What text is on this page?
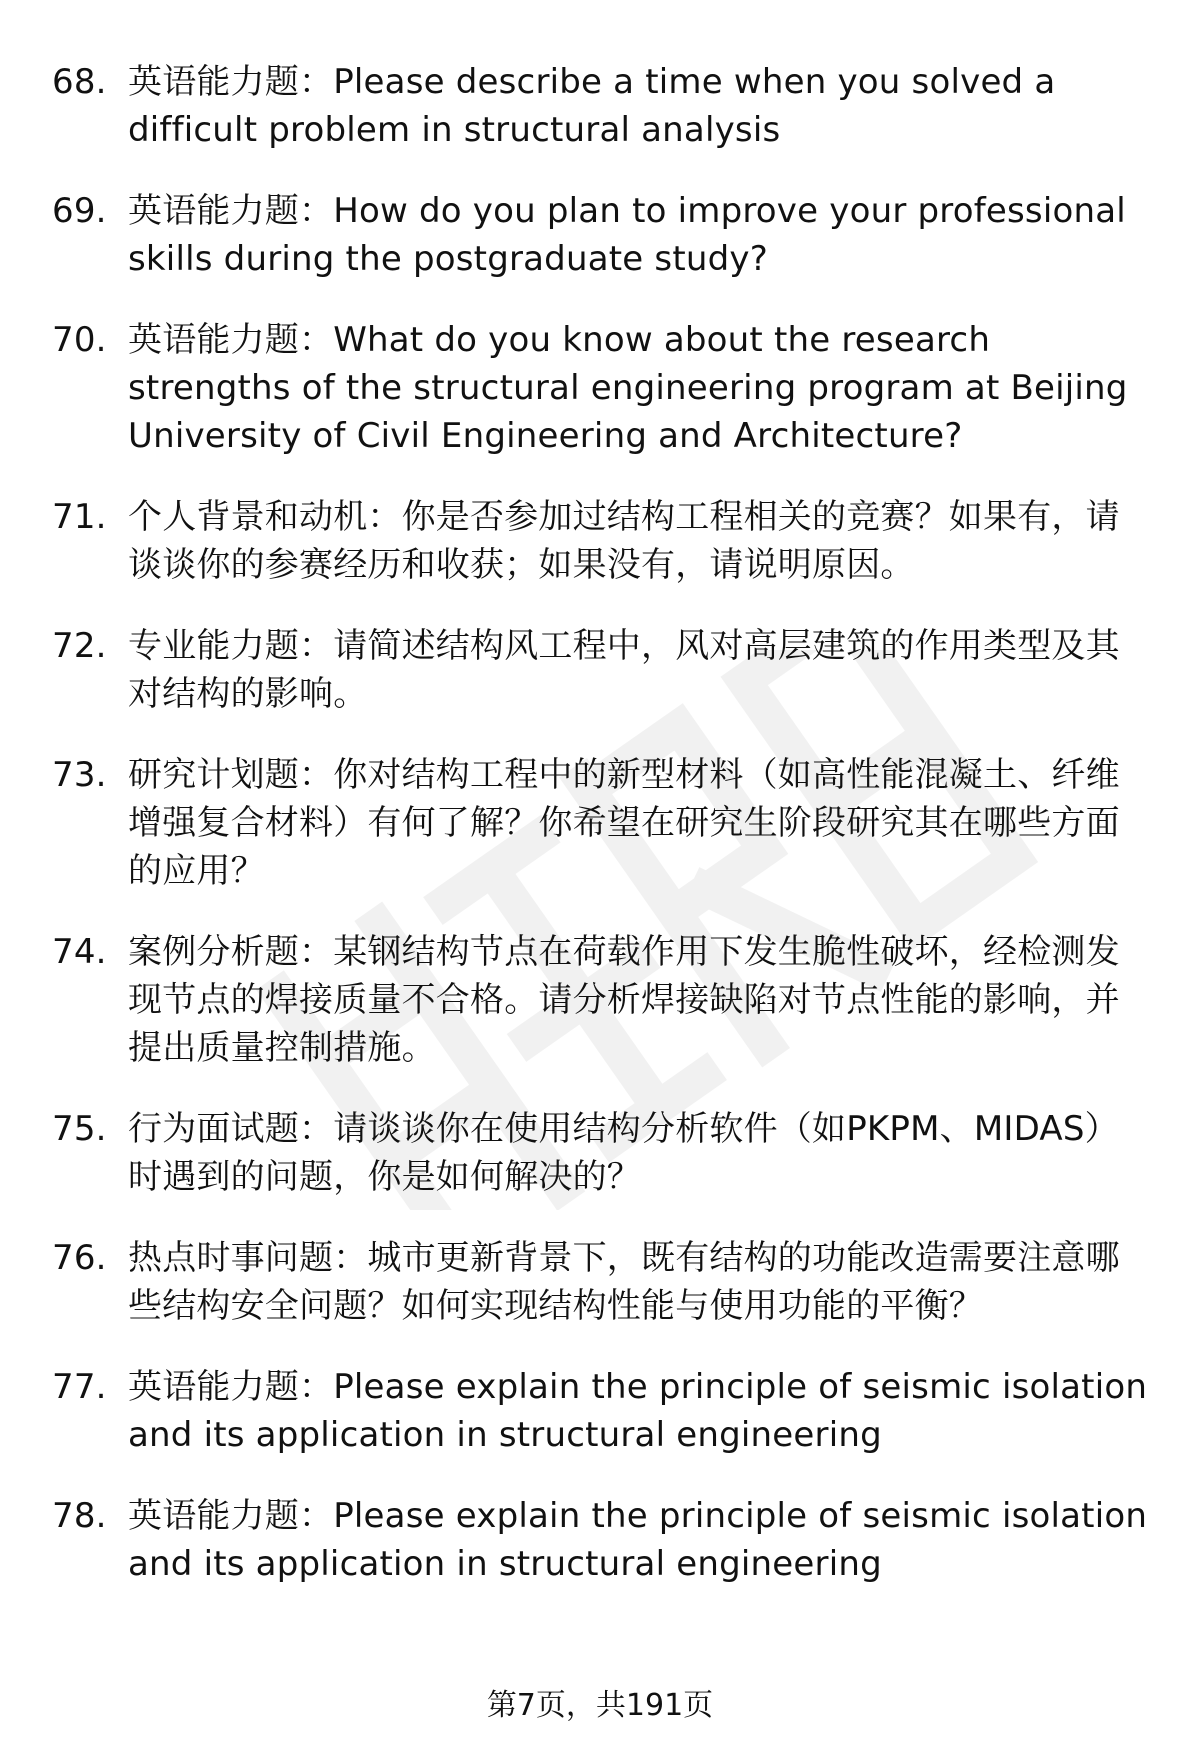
68. 英语能力题：Please describe a time when you solved a difficult problem in structural analysis
69. 英语能力题：How do you plan to improve your professional skills during the postgraduate study?
70. 英语能力题：What do you know about the research strengths of the structural engineering program at Beijing University of Civil Engineering and Architecture?
71. 个人背景和动机：你是否参加过结构工程相关的竞赛？如果有，请谈谈你的参赛经历和收获；如果没有，请说明原因。
72. 专业能力题：请简述结构风工程中，风对高层建筑的作用类型及其对结构的影响。
73. 研究计划题：你对结构工程中的新型材料（如高性能混凝土、纤维增强复合材料）有何了解？你希望在研究生阶段研究其在哪些方面的应用？
74. 案例分析题：某钢结构节点在荷载作用下发生脆性破坏，经检测发现节点的焊接质量不合格。请分析焊接缺陷对节点性能的影响，并提出质量控制措施。
75. 行为面试题：请谈谈你在使用结构分析软件（如PKPM、MIDAS）时遇到的问题，你是如何解决的？
76. 热点时事问题：城市更新背景下，既有结构的功能改造需要注意哪些结构安全问题？如何实现结构性能与使用功能的平衡？
77. 英语能力题：Please explain the principle of seismic isolation and its application in structural engineering
78. 英语能力题：Please explain the principle of seismic isolation and its application in structural engineering
第7页，共191页
